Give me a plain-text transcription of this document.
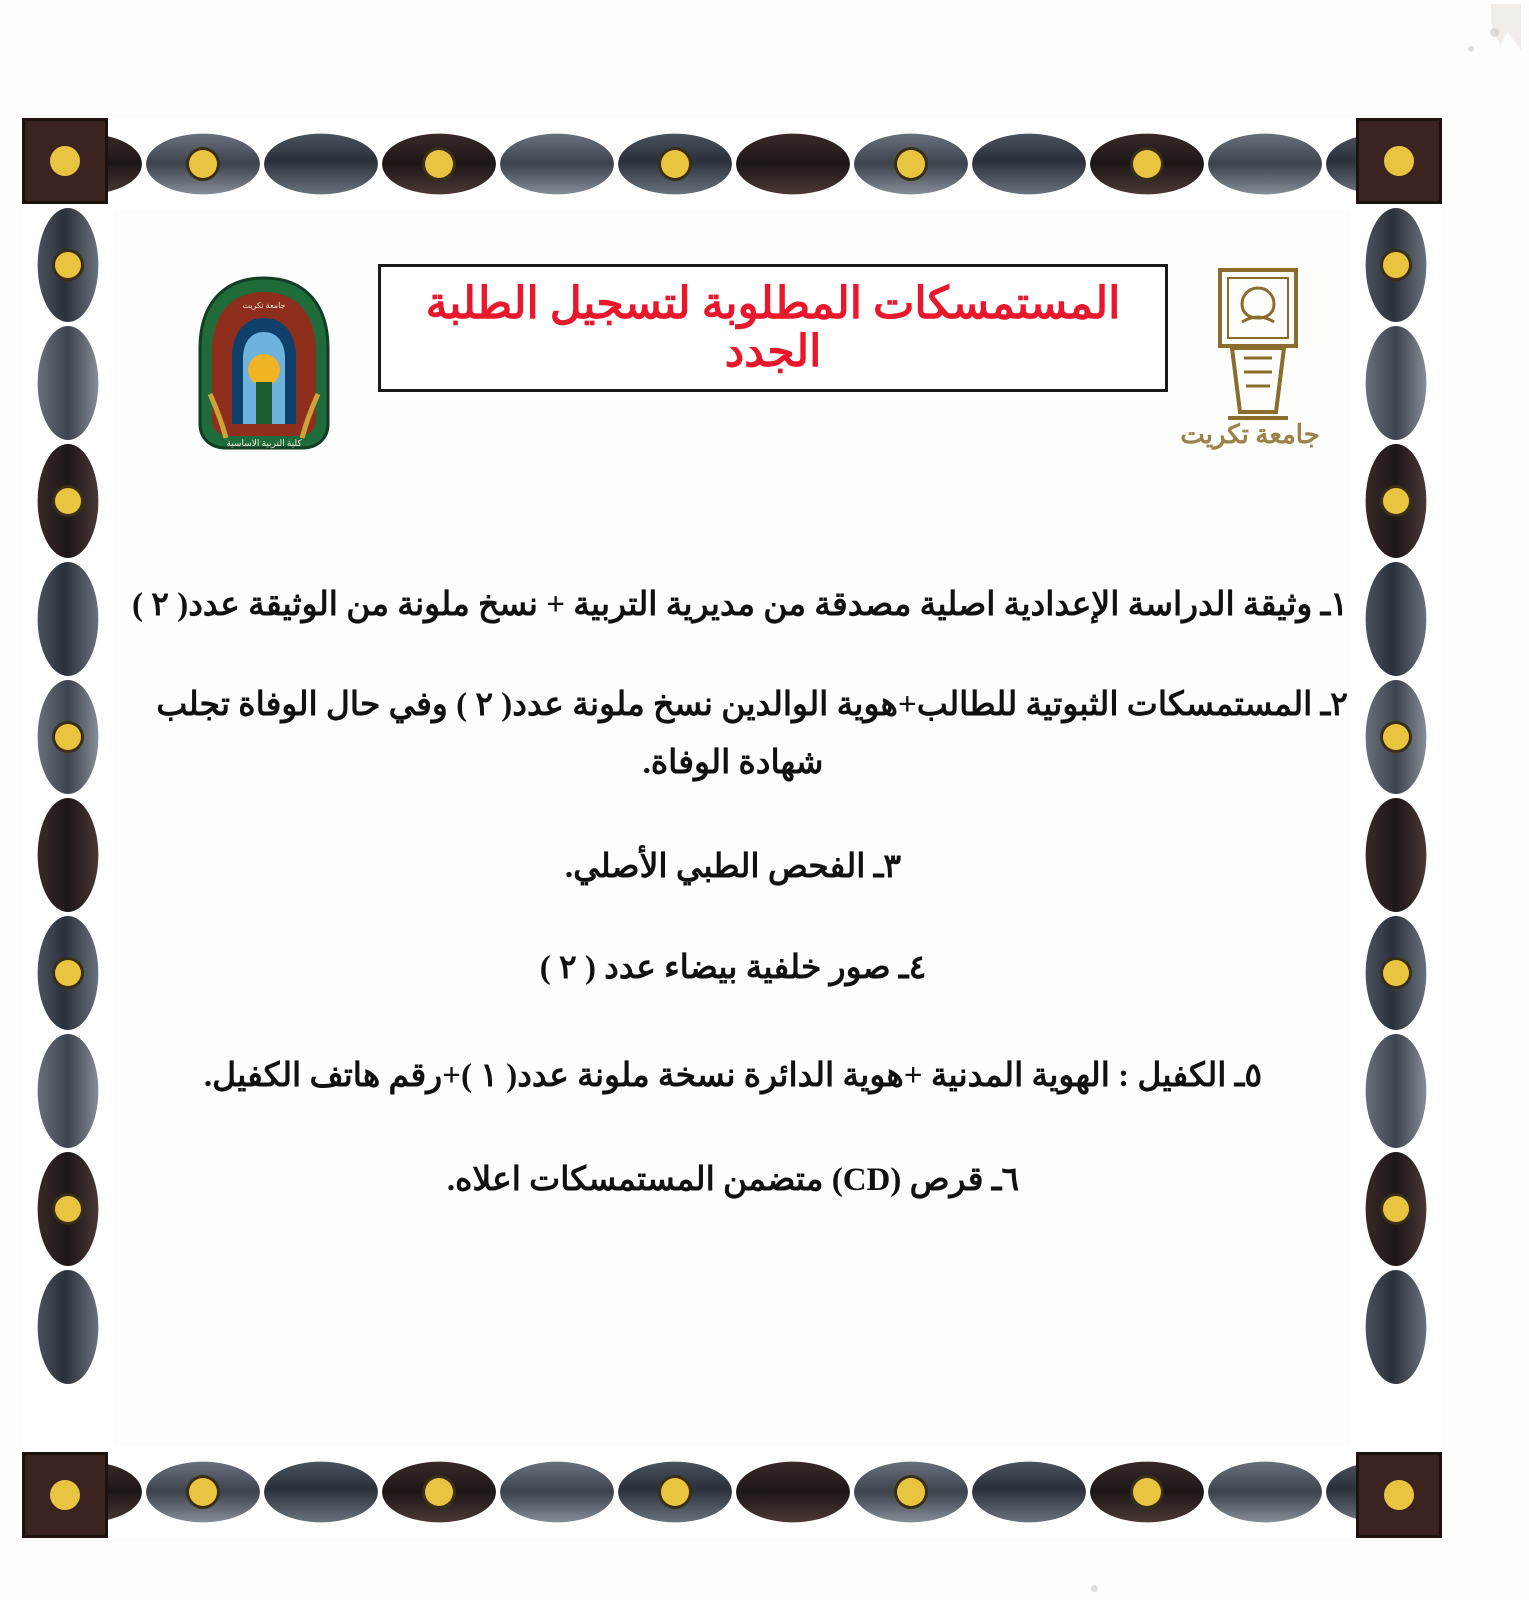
جامعة تكريت
كلية التربية الاساسية
المستمسكات المطلوبة لتسجيل الطلبة الجدد
جامعة تكريت
١ـ وثيقة الدراسة الإعدادية اصلية مصدقة من مديرية التربية + نسخ ملونة من الوثيقة عدد( ٢ )
٢ـ المستمسكات الثبوتية للطالب+هوية الوالدين نسخ ملونة عدد( ٢ ) وفي حال الوفاة تجلب
شهادة الوفاة.
٣ـ الفحص الطبي الأصلي.
٤ـ صور خلفية بيضاء عدد ( ٢ )
٥ـ الكفيل : الهوية المدنية +هوية الدائرة نسخة ملونة عدد( ١ )+رقم هاتف الكفيل.
٦ـ قرص (CD) متضمن المستمسكات اعلاه.
